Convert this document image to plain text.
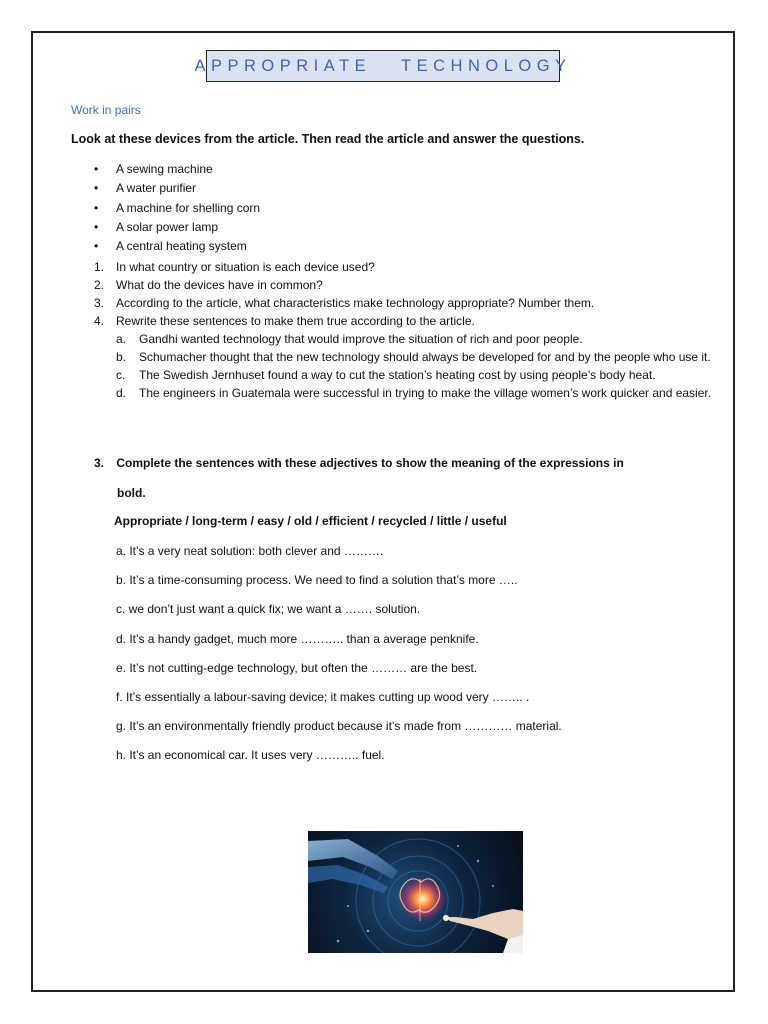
APPROPRIATE   TECHNOLOGY
Work in pairs
Look at these devices from the article. Then read the article and answer the questions.
• A sewing machine
• A water purifier
• A machine for shelling corn
• A solar power lamp
• A central heating system
1. In what country or situation is each device used?
2. What do the devices have in common?
3. According to the article, what characteristics make technology appropriate? Number them.
4. Rewrite these sentences to make them true according to the article.
a. Gandhi wanted technology that would improve the situation of rich and poor people.
b. Schumacher thought that the new technology should always be developed for and by the people who use it.
c. The Swedish Jernhuset found a way to cut the station’s heating cost by using people’s body heat.
d. The engineers in Guatemala were successful in trying to make the village women’s work quicker and easier.
3. Complete the sentences with these adjectives to show the meaning of the expressions in
bold.
Appropriate / long-term / easy / old / efficient / recycled / little / useful
a. It’s a very neat solution: both clever and ……….
b. It’s a time-consuming process. We need to find a solution that’s more …..
c. we don’t just want a quick fix; we want a ……. solution.
d. It’s a handy gadget, much more ……….. than a average penknife.
e. It’s not cutting-edge technology, but often the ……… are the best.
f. It’s essentially a labour-saving device; it makes cutting up wood very …….. .
g. It’s an environmentally friendly product because it’s made from ………… material.
h. It’s an economical car. It uses very ……….. fuel.
